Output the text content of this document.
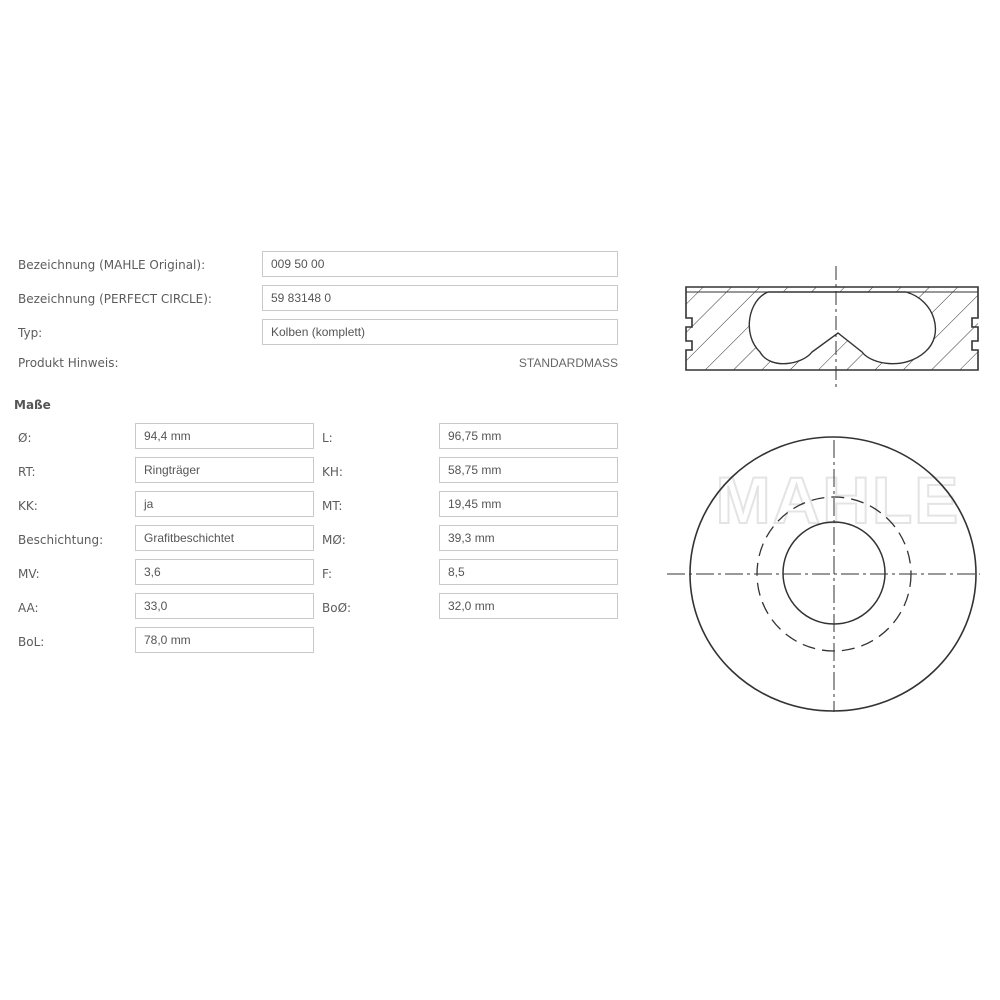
Bezeichnung (MAHLE Original):	009 50 00
Bezeichnung (PERFECT CIRCLE):	59 83148 0
Typ:	Kolben (komplett)
Produkt Hinweis:	STANDARDMASS
Maße
Ø:	94,4 mm
RT:	Ringträger
KK:	ja
Beschichtung:	Grafitbeschichtet
MV:	3,6
AA:	33,0
BoL:	78,0 mm
L:	96,75 mm
KH:	58,75 mm
MT:	19,45 mm
MØ:	39,3 mm
F:	8,5
BoØ:	32,0 mm
MAHLE
